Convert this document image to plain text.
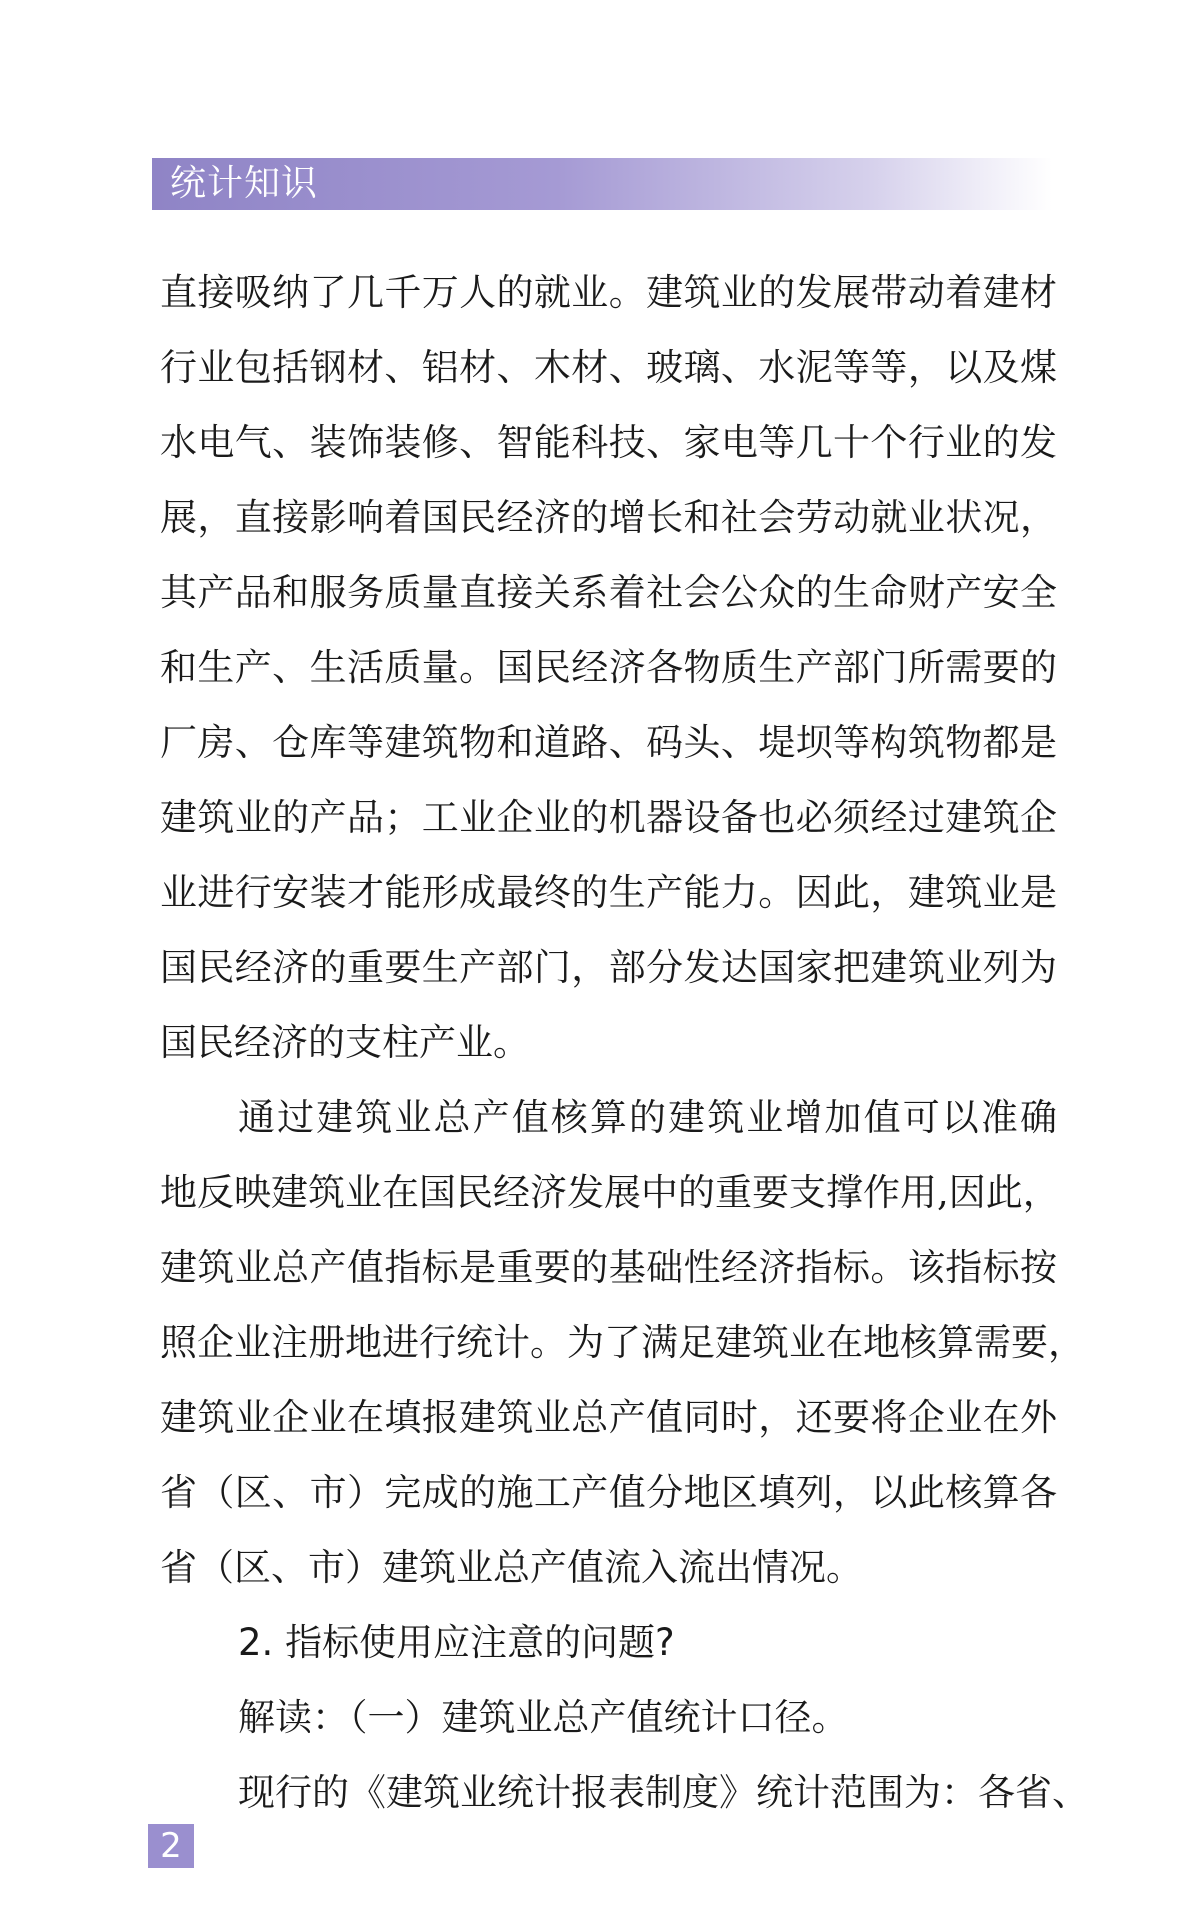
统计知识
直接吸纳了几千万人的就业。建筑业的发展带动着建材
行业包括钢材、铝材、木材、玻璃、水泥等等，以及煤
水电气、装饰装修、智能科技、家电等几十个行业的发
展，直接影响着国民经济的增长和社会劳动就业状况，
其产品和服务质量直接关系着社会公众的生命财产安全
和生产、生活质量。国民经济各物质生产部门所需要的
厂房、仓库等建筑物和道路、码头、堤坝等构筑物都是
建筑业的产品；工业企业的机器设备也必须经过建筑企
业进行安装才能形成最终的生产能力。因此，建筑业是
国民经济的重要生产部门，部分发达国家把建筑业列为
国民经济的支柱产业。
通过建筑业总产值核算的建筑业增加值可以准确
地反映建筑业在国民经济发展中的重要支撑作用,因此，
建筑业总产值指标是重要的基础性经济指标。该指标按
照企业注册地进行统计。为了满足建筑业在地核算需要，
建筑业企业在填报建筑业总产值同时，还要将企业在外
省（区、市）完成的施工产值分地区填列，以此核算各
省（区、市）建筑业总产值流入流出情况。
2. 指标使用应注意的问题?
解读：（一）建筑业总产值统计口径。
现行的《建筑业统计报表制度》统计范围为：各省、
2
